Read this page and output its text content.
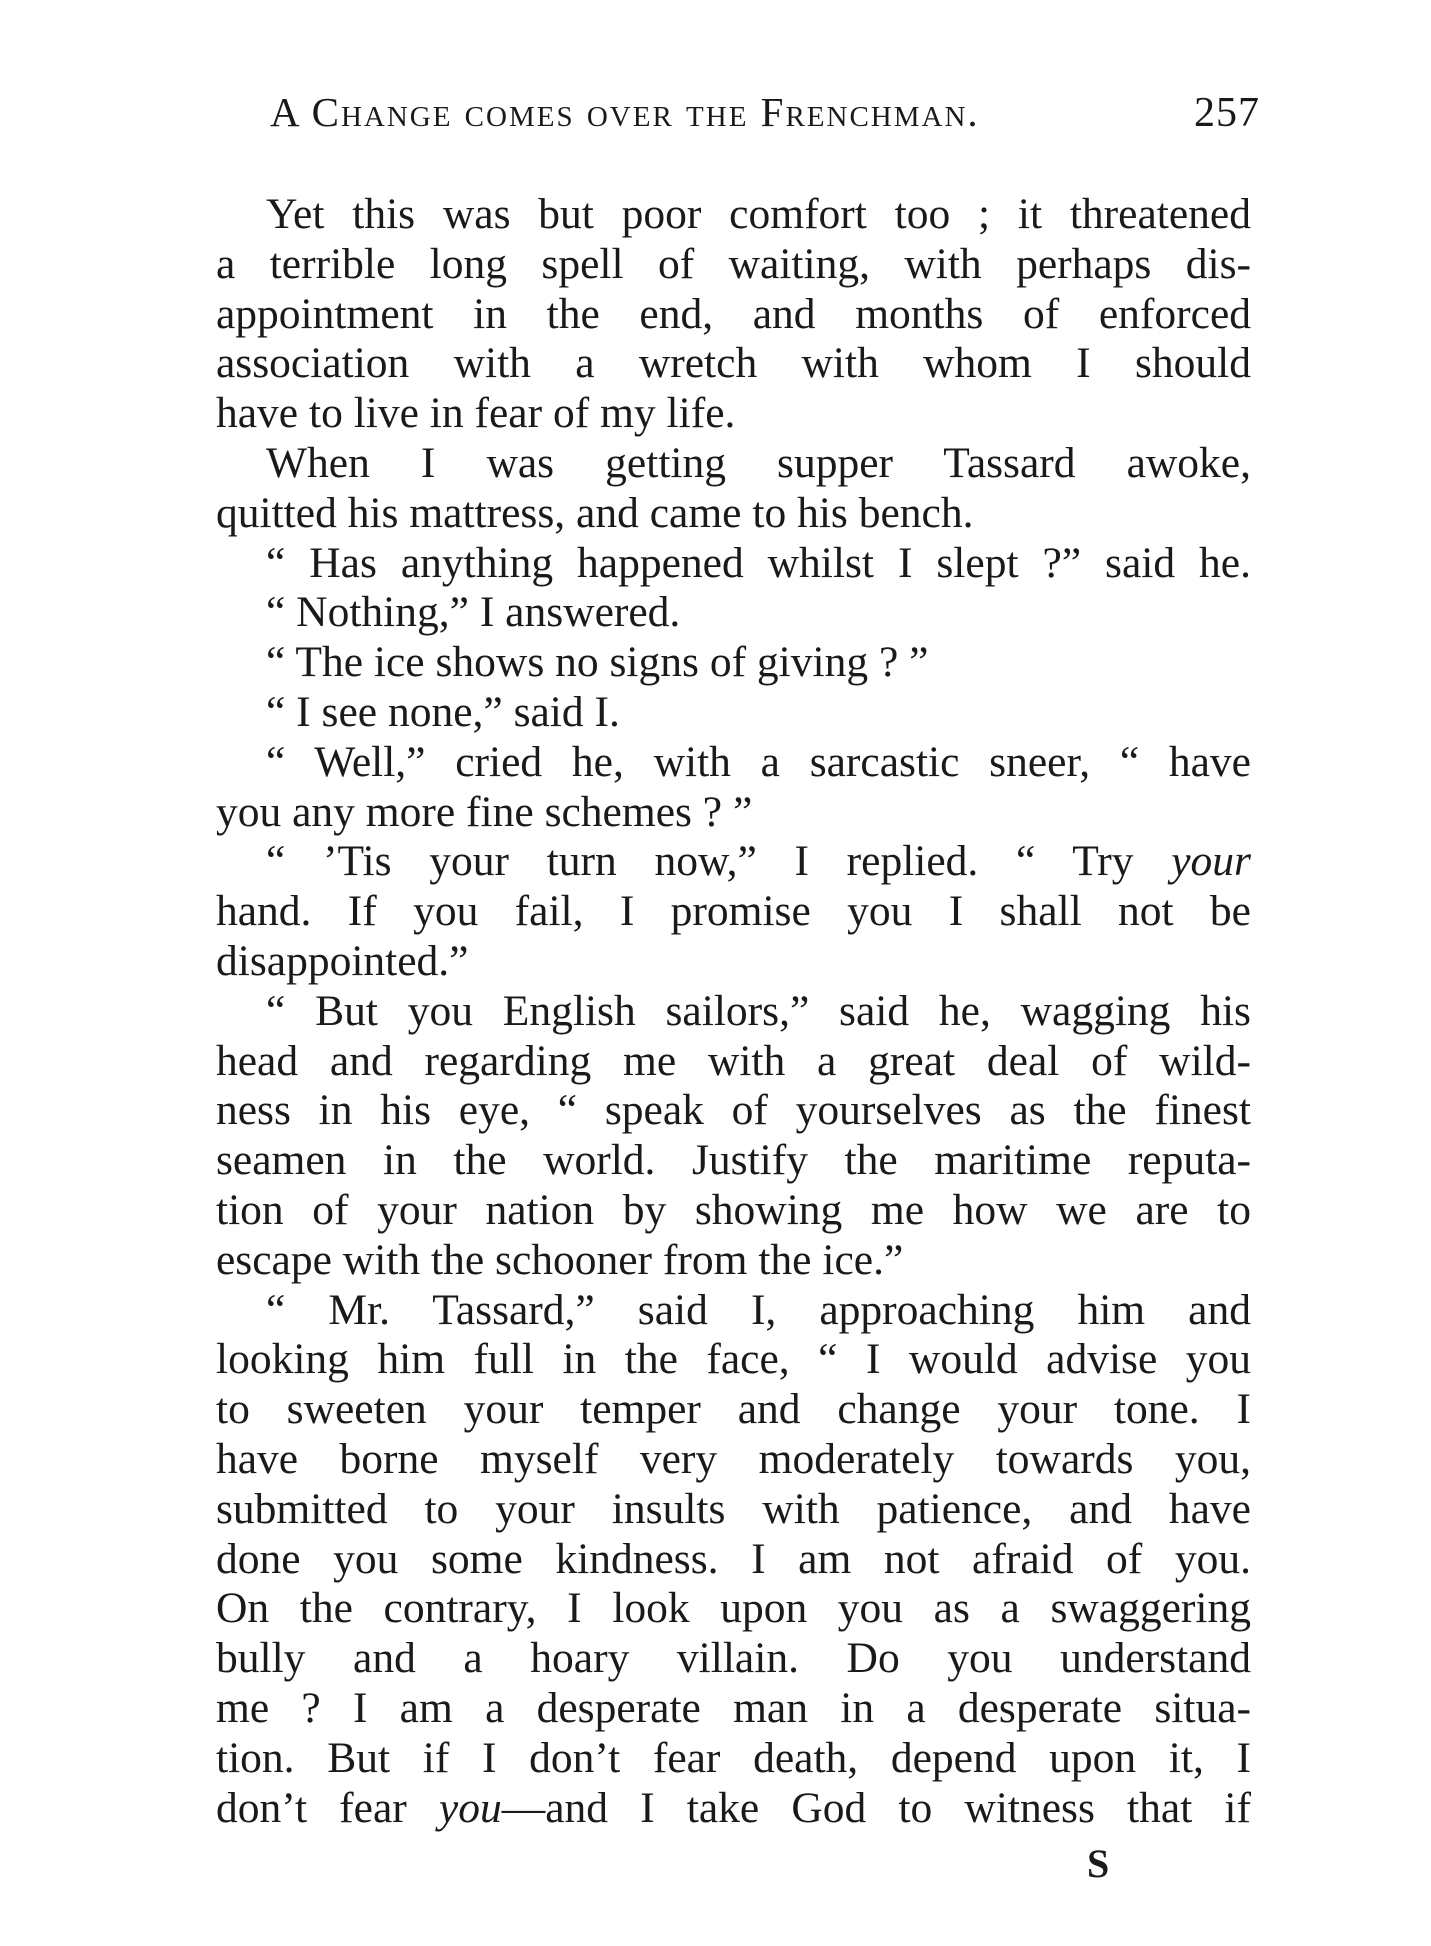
A Change comes over the Frenchman.	257
Yet this was but poor comfort too ; it threatened
a terrible long spell of waiting, with perhaps dis-
appointment in the end, and months of enforced
association with a wretch with whom I should
have to live in fear of my life.
When I was getting supper Tassard awoke,
quitted his mattress, and came to his bench.
“ Has anything happened whilst I slept ?” said he.
“ Nothing,” I answered.
“ The ice shows no signs of giving ? ”
“ I see none,” said I.
“ Well,” cried he, with a sarcastic sneer, “ have
you any more fine schemes ? ”
“ ’Tis your turn now,” I replied. “ Try your
hand. If you fail, I promise you I shall not be
disappointed.”
“ But you English sailors,” said he, wagging his
head and regarding me with a great deal of wild-
ness in his eye, “ speak of yourselves as the finest
seamen in the world. Justify the maritime reputa-
tion of your nation by showing me how we are to
escape with the schooner from the ice.”
“ Mr. Tassard,” said I, approaching him and
looking him full in the face, “ I would advise you
to sweeten your temper and change your tone. I
have borne myself very moderately towards you,
submitted to your insults with patience, and have
done you some kindness. I am not afraid of you.
On the contrary, I look upon you as a swaggering
bully and a hoary villain. Do you understand
me ? I am a desperate man in a desperate situa-
tion. But if I don’t fear death, depend upon it, I
don’t fear you—and I take God to witness that if
S
